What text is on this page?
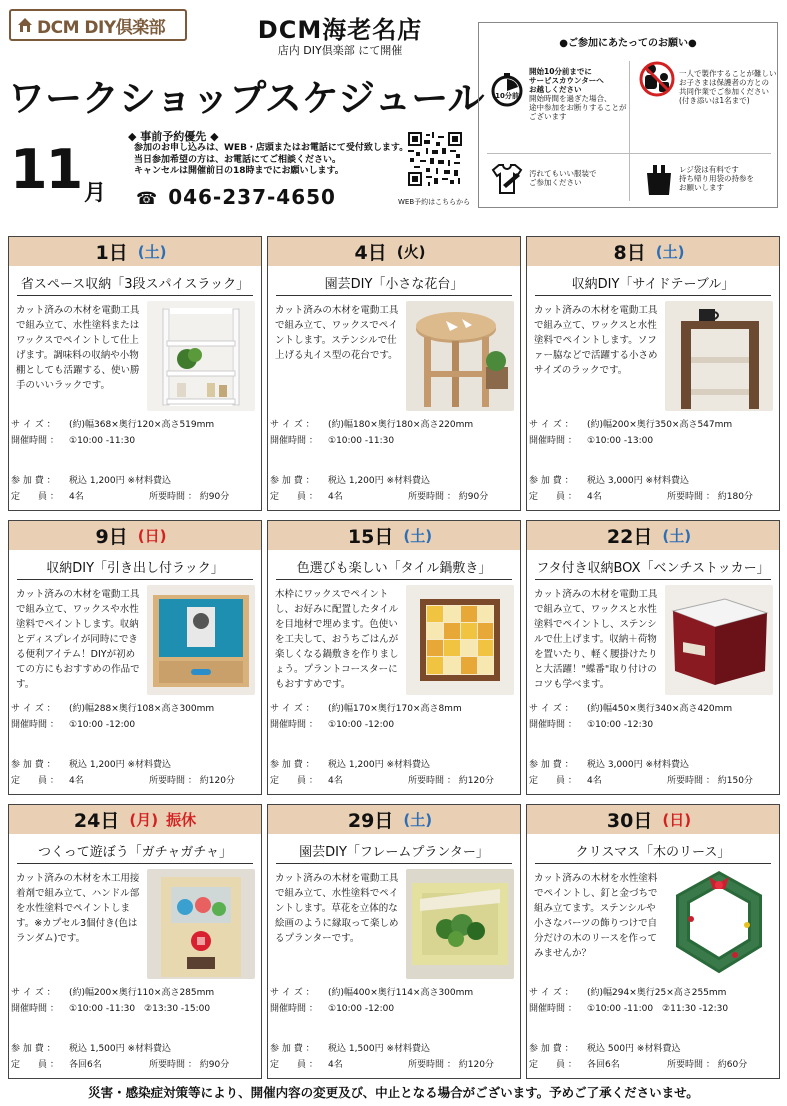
DCM DIY倶楽部	DCM海老名店
店内 DIY倶楽部 にて開催
ワークショップスケジュール
11 月
◆ 事前予約優先 ◆
参加のお申し込みは、WEB・店頭またはお電話にて受付致します。
当日参加希望の方は、お電話にてご相談ください。
キャンセルは開催前日の18時までにお願いします。
☎ 046-237-4650	WEB予約はこちらから
●ご参加にあたってのお願い●
10分前
開始10分前までに
サービスカウンターへ
お越しください
開始時間を過ぎた場合、
途中参加をお断りすることが
ございます
一人で製作することが難しい
お子さまは保護者の方との
共同作業でご参加ください
(付き添いは1名まで)
汚れてもいい服装で
ご参加ください
レジ袋は有料です
持ち帰り用袋の持参を
お願いします
1日 (土)
省スペース収納「3段スパイスラック」
カット済みの木材を電動工具で組み立て、水性塗料またはワックスでペイントして仕上げます。調味料の収納や小物棚としても活躍する、使い勝手のいいラックです。
サ イ ズ ： (約)幅368×奥行120×高さ519mm
開催時間 ： ①10:00 -11:30
参 加 費 ： 税込 1,200円 ※材料費込
定　　員 ： 4名	所要時間 ： 約90分
4日 (火)
園芸DIY「小さな花台」
カット済みの木材を電動工具で組み立て、ワックスでペイントします。ステンシルで仕上げる丸イス型の花台です。
サ イ ズ ： (約)幅180×奥行180×高さ220mm
開催時間 ： ①10:00 -11:30
参 加 費 ： 税込 1,200円 ※材料費込
定　　員 ： 4名	所要時間 ： 約90分
8日 (土)
収納DIY「サイドテーブル」
カット済みの木材を電動工具で組み立て、ワックスと水性塗料でペイントします。ソファー脇などで活躍する小さめサイズのラックです。
サ イ ズ ： (約)幅200×奥行350×高さ547mm
開催時間 ： ①10:00 -13:00
参 加 費 ： 税込 3,000円 ※材料費込
定　　員 ： 4名	所要時間 ： 約180分
9日 (日)
収納DIY「引き出し付ラック」
カット済みの木材を電動工具で組み立て、ワックスや水性塗料でペイントします。収納とディスプレイが同時にできる便利アイテム！DIYが初めての方にもおすすめの作品です。
サ イ ズ ： (約)幅288×奥行108×高さ300mm
開催時間 ： ①10:00 -12:00
参 加 費 ： 税込 1,200円 ※材料費込
定　　員 ： 4名	所要時間 ： 約120分
15日 (土)
色選びも楽しい「タイル鍋敷き」
木枠にワックスでペイントし、お好みに配置したタイルを目地材で埋めます。色使いを工夫して、おうちごはんが楽しくなる鍋敷きを作りましょう。プラントコースターにもおすすめです。
サ イ ズ ： (約)幅170×奥行170×高さ8mm
開催時間 ： ①10:00 -12:00
参 加 費 ： 税込 1,200円 ※材料費込
定　　員 ： 4名	所要時間 ： 約120分
22日 (土)
フタ付き収納BOX「ベンチストッカー」
カット済みの木材を電動工具で組み立て、ワックスと水性塗料でペイントし、ステンシルで仕上げます。収納＋荷物を置いたり、軽く腰掛けたりと大活躍！"蝶番"取り付けのコツも学べます。
サ イ ズ ： (約)幅450×奥行340×高さ420mm
開催時間 ： ①10:00 -12:30
参 加 費 ： 税込 3,000円 ※材料費込
定　　員 ： 4名	所要時間 ： 約150分
24日 (月) 振休
つくって遊ぼう「ガチャガチャ」
カット済みの木材を木工用接着剤で組み立て、ハンドル部を水性塗料でペイントします。※カプセル3個付き(色はランダム)です。
サ イ ズ ： (約)幅200×奥行110×高さ285mm
開催時間 ： ①10:00 -11:30　②13:30 -15:00
参 加 費 ： 税込 1,500円 ※材料費込
定　　員 ： 各回6名	所要時間 ： 約90分
29日 (土)
園芸DIY「フレームプランター」
カット済みの木材を電動工具で組み立て、水性塗料でペイントします。草花を立体的な絵画のように縁取って楽しめるプランターです。
サ イ ズ ： (約)幅400×奥行114×高さ300mm
開催時間 ： ①10:00 -12:00
参 加 費 ： 税込 1,500円 ※材料費込
定　　員 ： 4名	所要時間 ： 約120分
30日 (日)
クリスマス「木のリース」
カット済みの木材を水性塗料でペイントし、釘と金づちで組み立てます。ステンシルや小さなパーツの飾りつけで自分だけの木のリースを作ってみませんか？
サ イ ズ ： (約)幅294×奥行25×高さ255mm
開催時間 ： ①10:00 -11:00　②11:30 -12:30
参 加 費 ： 税込 500円 ※材料費込
定　　員 ： 各回6名	所要時間 ： 約60分
災害・感染症対策等により、開催内容の変更及び、中止となる場合がございます。予めご了承くださいませ。
